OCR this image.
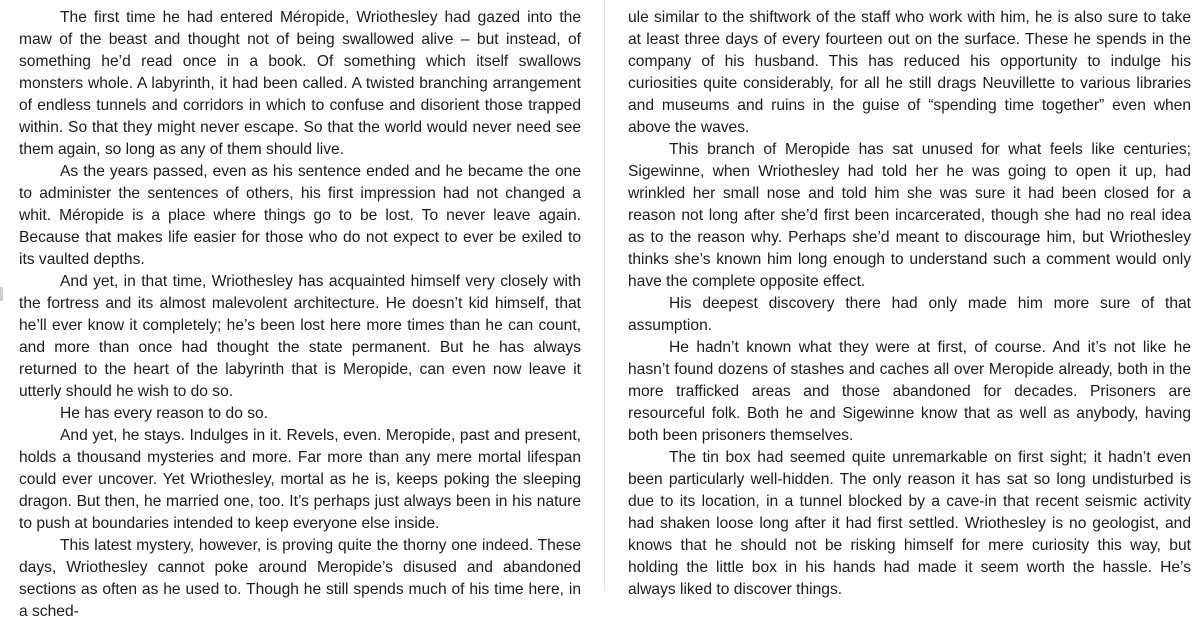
The first time he had entered Méropide, Wriothesley had gazed into the maw of the beast and thought not of being swallowed alive – but instead, of something he’d read once in a book. Of something which itself swallows monsters whole. A labyrinth, it had been called. A twisted branching arrangement of endless tunnels and corridors in which to confuse and disorient those trapped within. So that they might never escape. So that the world would never need see them again, so long as any of them should live.

As the years passed, even as his sentence ended and he became the one to administer the sentences of others, his first impression had not changed a whit. Méropide is a place where things go to be lost. To never leave again. Because that makes life easier for those who do not expect to ever be exiled to its vaulted depths.

And yet, in that time, Wriothesley has acquainted himself very closely with the fortress and its almost malevolent architecture. He doesn’t kid himself, that he’ll ever know it completely; he’s been lost here more times than he can count, and more than once had thought the state permanent. But he has always returned to the heart of the labyrinth that is Meropide, can even now leave it utterly should he wish to do so.

He has every reason to do so.

And yet, he stays. Indulges in it. Revels, even. Meropide, past and present, holds a thousand mysteries and more. Far more than any mere mortal lifespan could ever uncover. Yet Wriothesley, mortal as he is, keeps poking the sleeping dragon. But then, he married one, too. It’s perhaps just always been in his nature to push at boundaries intended to keep everyone else inside.

This latest mystery, however, is proving quite the thorny one indeed. These days, Wriothesley cannot poke around Meropide’s disused and abandoned sections as often as he used to. Though he still spends much of his time here, in a sched-

ule similar to the shiftwork of the staff who work with him, he is also sure to take at least three days of every fourteen out on the surface. These he spends in the company of his husband. This has reduced his opportunity to indulge his curiosities quite considerably, for all he still drags Neuvillette to various libraries and museums and ruins in the guise of “spending time together” even when above the waves.

This branch of Meropide has sat unused for what feels like centuries; Sigewinne, when Wriothesley had told her he was going to open it up, had wrinkled her small nose and told him she was sure it had been closed for a reason not long after she’d first been incarcerated, though she had no real idea as to the reason why. Perhaps she’d meant to discourage him, but Wriothesley thinks she’s known him long enough to understand such a comment would only have the complete opposite effect.

His deepest discovery there had only made him more sure of that assumption.

He hadn’t known what they were at first, of course. And it’s not like he hasn’t found dozens of stashes and caches all over Meropide already, both in the more trafficked areas and those abandoned for decades. Prisoners are resourceful folk. Both he and Sigewinne know that as well as anybody, having both been prisoners themselves.

The tin box had seemed quite unremarkable on first sight; it hadn’t even been particularly well-hidden. The only reason it has sat so long undisturbed is due to its location, in a tunnel blocked by a cave-in that recent seismic activity had shaken loose long after it had first settled. Wriothesley is no geologist, and knows that he should not be risking himself for mere curiosity this way, but holding the little box in his hands had made it seem worth the hassle. He’s always liked to discover things.
